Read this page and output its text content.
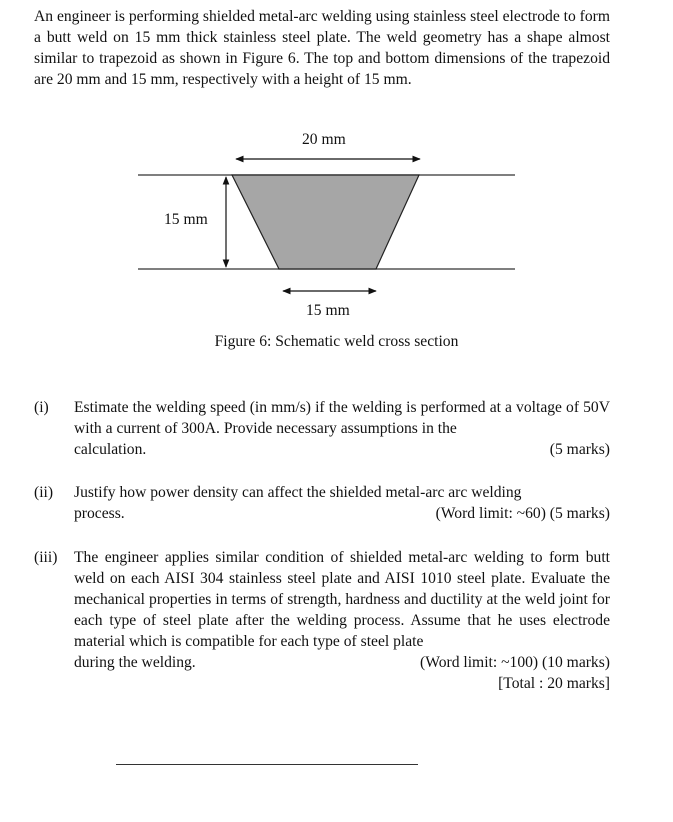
An engineer is performing shielded metal-arc welding using stainless steel electrode to form a butt weld on 15 mm thick stainless steel plate. The weld geometry has a shape almost similar to trapezoid as shown in Figure 6. The top and bottom dimensions of the trapezoid are 20 mm and 15 mm, respectively with a height of 15 mm.

20 mm
15 mm
15 mm
Figure 6: Schematic weld cross section
(i) Estimate the welding speed (in mm/s) if the welding is performed at a voltage of 50V with a current of 300A. Provide necessary assumptions in the
calculation.	(5 marks)
(ii) Justify how power density can affect the shielded metal-arc arc welding
process.	(Word limit: ~60) (5 marks)
(iii) The engineer applies similar condition of shielded metal-arc welding to form butt weld on each AISI 304 stainless steel plate and AISI 1010 steel plate. Evaluate the mechanical properties in terms of strength, hardness and ductility at the weld joint for each type of steel plate after the welding process. Assume that he uses electrode material which is compatible for each type of steel plate
during the welding.	(Word limit: ~100) (10 marks)
[Total : 20 marks]
